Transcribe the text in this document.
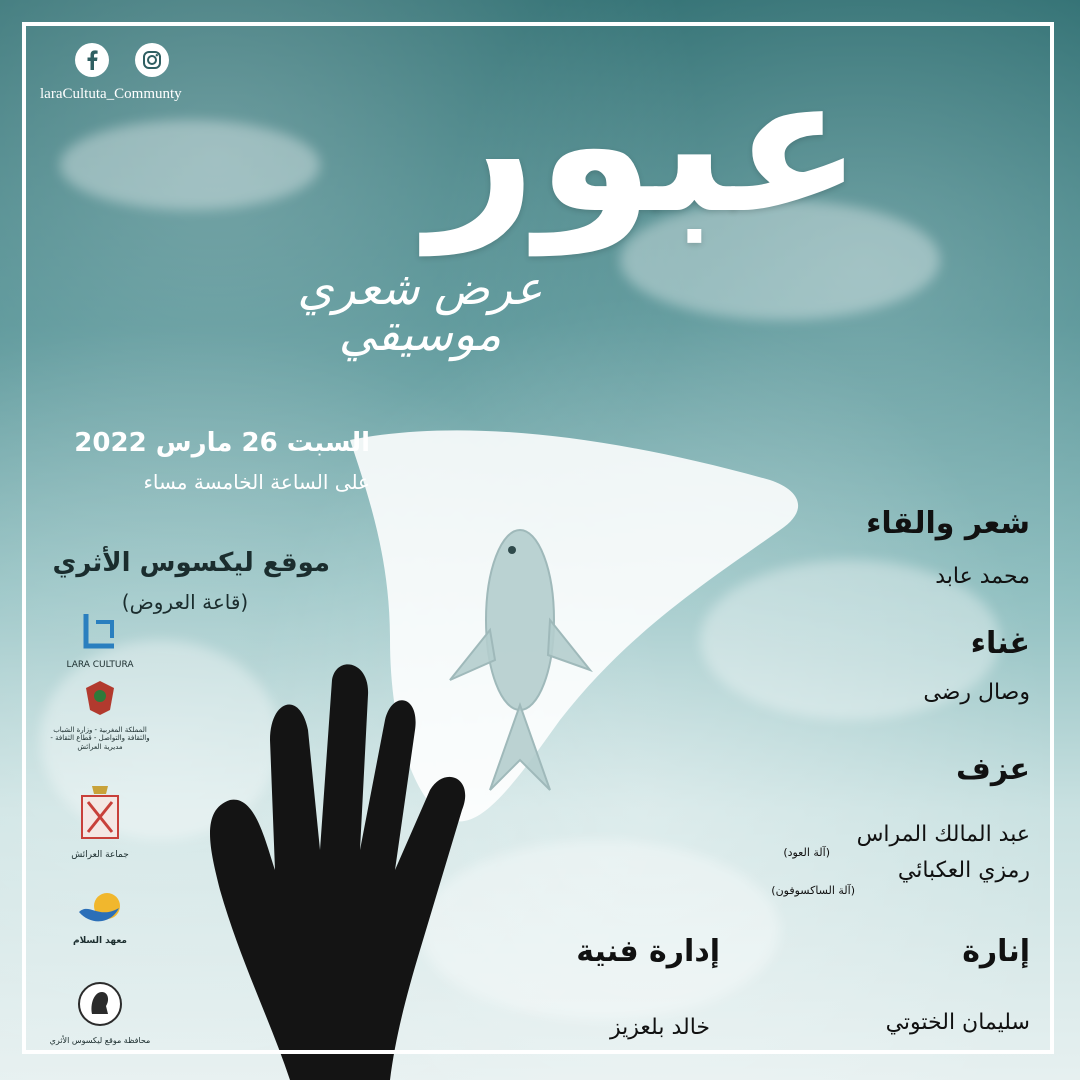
laraCultuta_Communty عبور
عرض شعري موسيقي
السبت 26 مارس 2022
على الساعة الخامسة مساء
موقع ليكسوس الأثري
(قاعة العروض)
LARA CULTURA
المملكة المغربية - وزارة الشباب والثقافة والتواصل - قطاع الثقافة - مديرية العرائش
جماعة العرائش
معهد السلام
محافظة موقع ليكسوس الأثري
شعر والقاء
محمد عابد
غناء
وصال رضى
عزف
عبد المالك المراس
(آلة العود)
رمزي العكبائي
(آلة الساكسوفون)
إنارة
سليمان الختوتي
إدارة فنية
خالد بلعزيز
